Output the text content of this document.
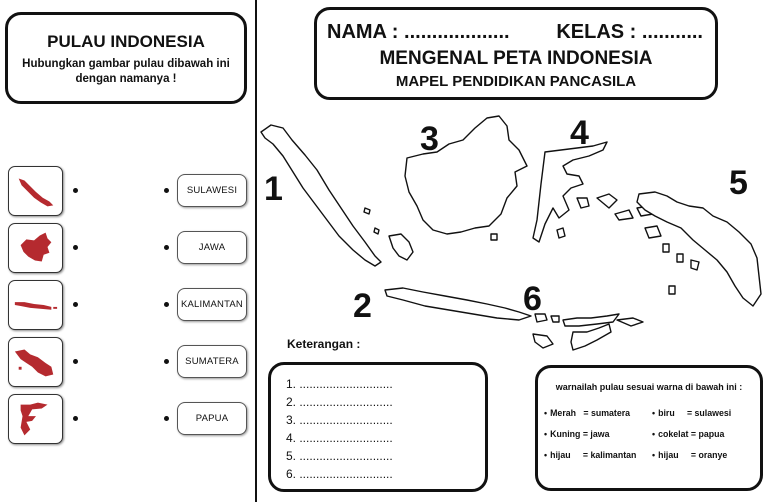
PULAU INDONESIA
Hubungkan gambar pulau dibawah ini dengan namanya !
SULAWESI
JAWA
KALIMANTAN
SUMATERA
PAPUA
NAMA : ................... KELAS : ...........
MENGENAL PETA INDONESIA
MAPEL PENDIDIKAN PANCASILA
1
2
3	4
5
6
Keterangan :
1. ............................
2. ............................
3. ............................
4. ............................
5. ............................
6. ............................
warnailah pulau sesuai warna di bawah ini :
• Merah = sumatera	• biru = sulawesi
• Kuning = jawa	• cokelat = papua
• hijau = kalimantan	• hijau = oranye
